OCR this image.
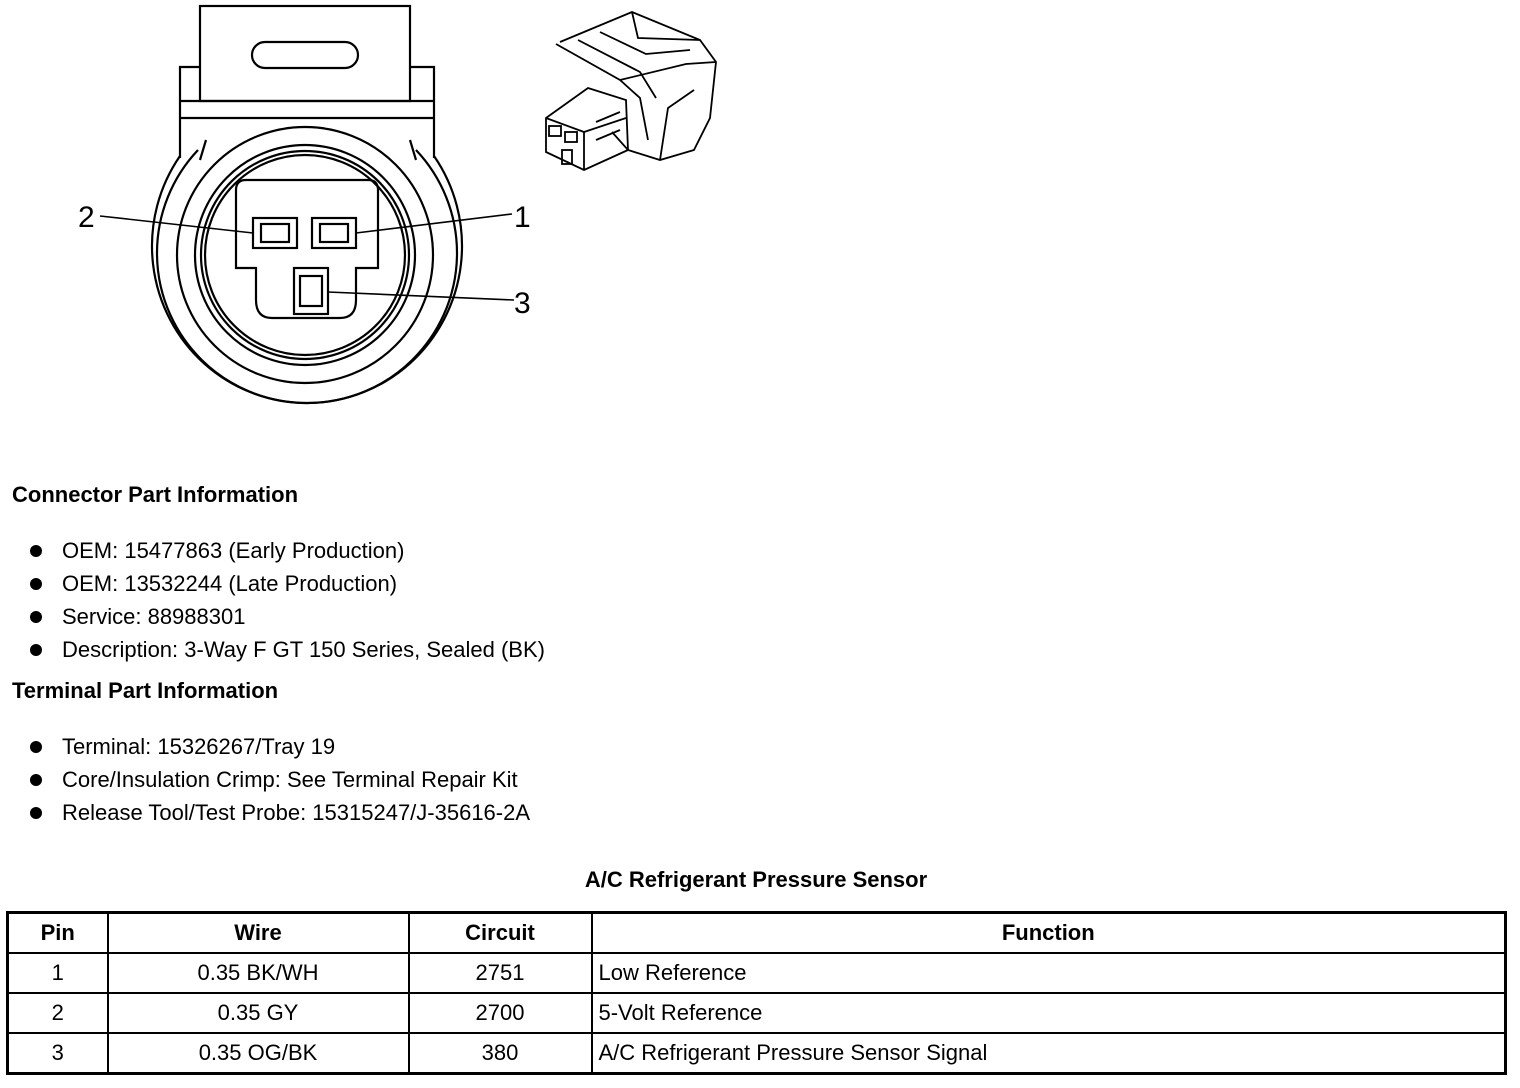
2	1
3
Connector Part Information
OEM: 15477863 (Early Production)
OEM: 13532244 (Late Production)
Service: 88988301
Description: 3-Way F GT 150 Series, Sealed (BK)
Terminal Part Information
Terminal: 15326267/Tray 19
Core/Insulation Crimp: See Terminal Repair Kit
Release Tool/Test Probe: 15315247/J-35616-2A
A/C Refrigerant Pressure Sensor
Pin	Wire	Circuit	Function
1	0.35 BK/WH	2751	Low Reference
2	0.35 GY	2700	5-Volt Reference
3	0.35 OG/BK	380	A/C Refrigerant Pressure Sensor Signal
